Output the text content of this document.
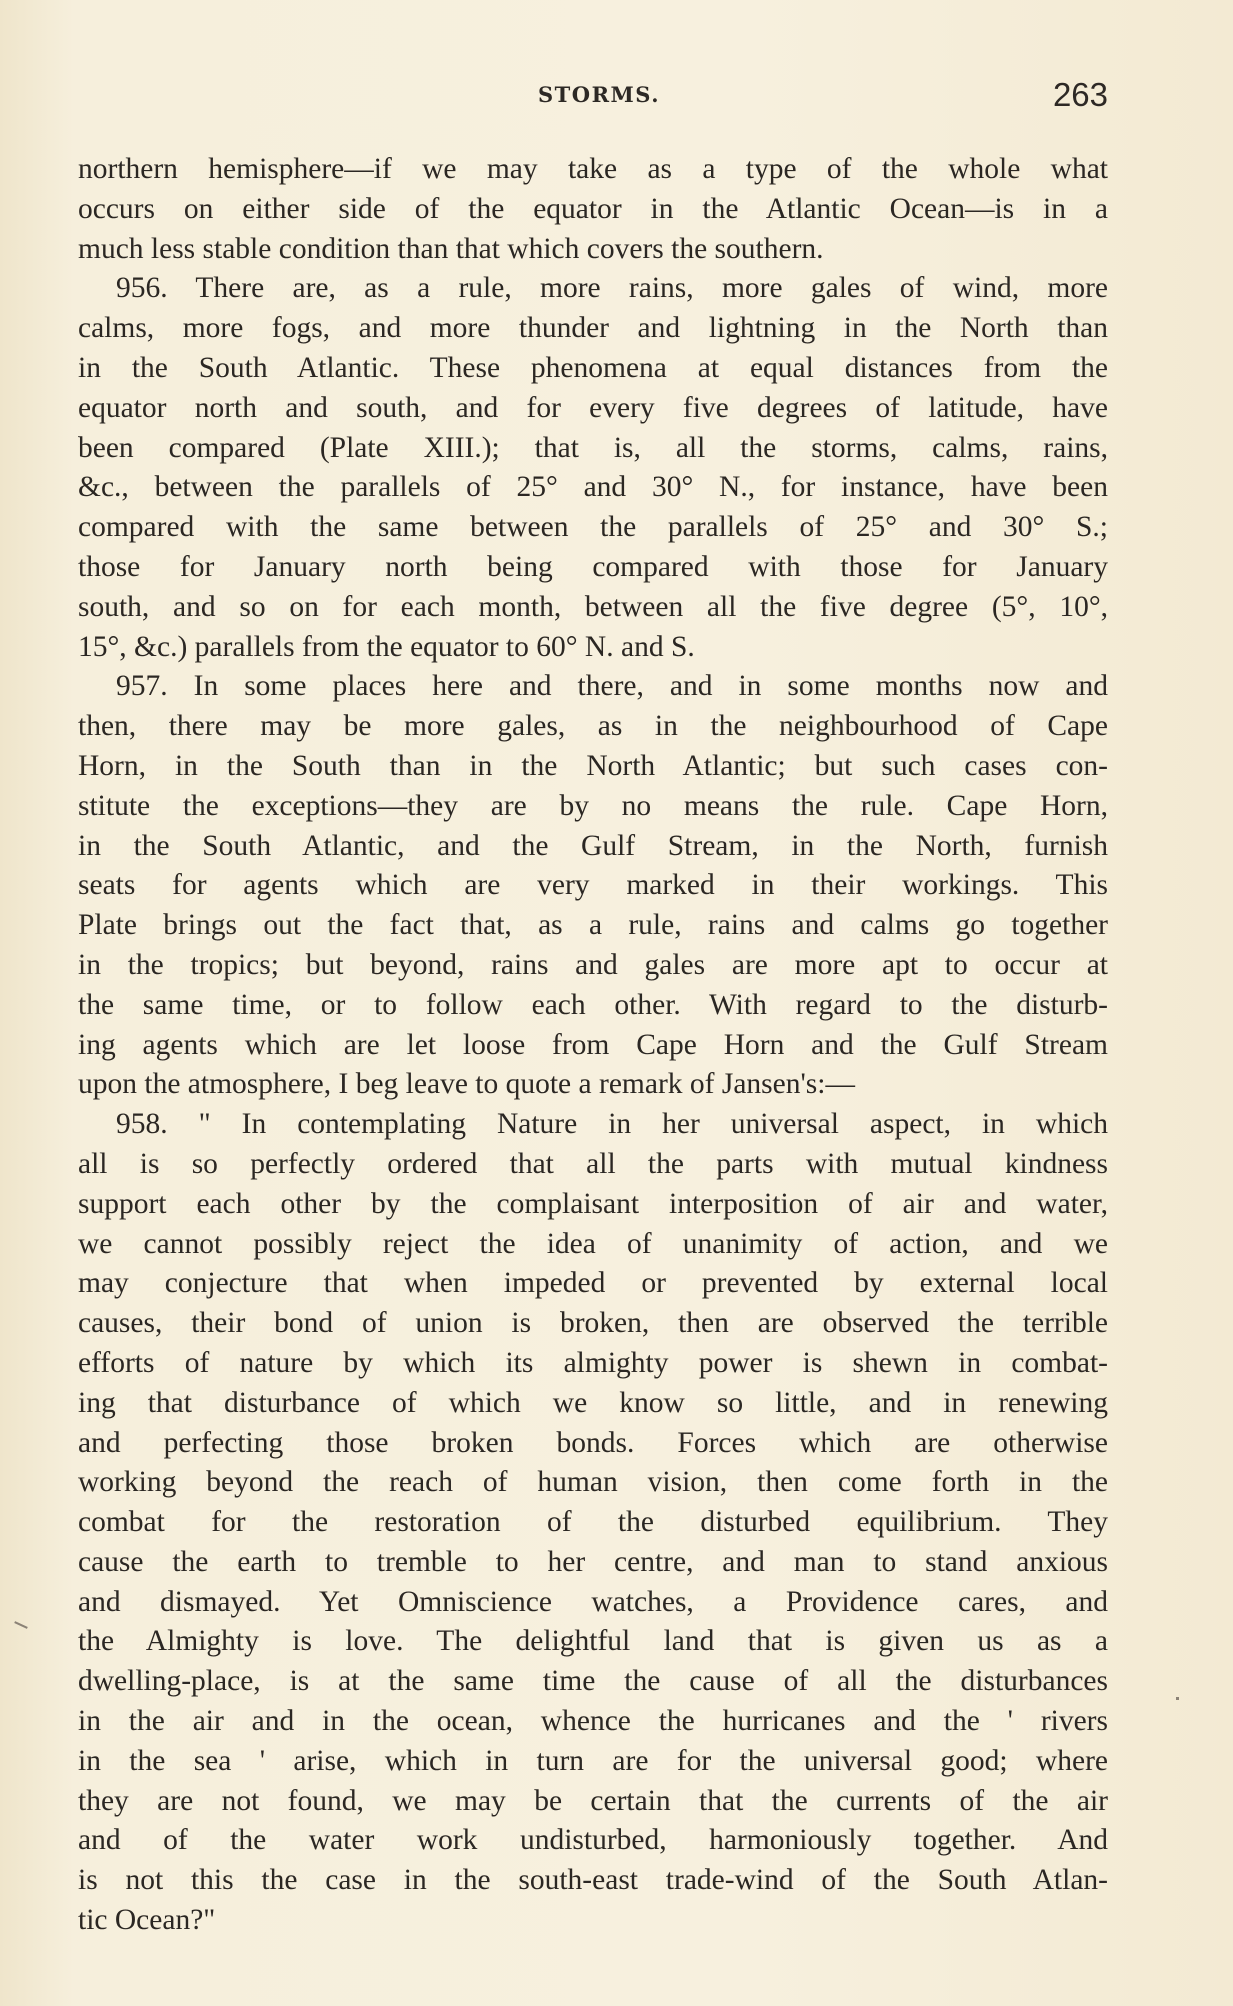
STORMS.	263
northern hemisphere—if we may take as a type of the whole what
occurs on either side of the equator in the Atlantic Ocean—is in a
much less stable condition than that which covers the southern.
956. There are, as a rule, more rains, more gales of wind, more
calms, more fogs, and more thunder and lightning in the North than
in the South Atlantic. These phenomena at equal distances from the
equator north and south, and for every five degrees of latitude, have
been compared (Plate XIII.); that is, all the storms, calms, rains,
&c., between the parallels of 25° and 30° N., for instance, have been
compared with the same between the parallels of 25° and 30° S.;
those for January north being compared with those for January
south, and so on for each month, between all the five degree (5°, 10°,
15°, &c.) parallels from the equator to 60° N. and S.
957. In some places here and there, and in some months now and
then, there may be more gales, as in the neighbourhood of Cape
Horn, in the South than in the North Atlantic; but such cases con-
stitute the exceptions—they are by no means the rule. Cape Horn,
in the South Atlantic, and the Gulf Stream, in the North, furnish
seats for agents which are very marked in their workings. This
Plate brings out the fact that, as a rule, rains and calms go together
in the tropics; but beyond, rains and gales are more apt to occur at
the same time, or to follow each other. With regard to the disturb-
ing agents which are let loose from Cape Horn and the Gulf Stream
upon the atmosphere, I beg leave to quote a remark of Jansen's:—
958. " In contemplating Nature in her universal aspect, in which
all is so perfectly ordered that all the parts with mutual kindness
support each other by the complaisant interposition of air and water,
we cannot possibly reject the idea of unanimity of action, and we
may conjecture that when impeded or prevented by external local
causes, their bond of union is broken, then are observed the terrible
efforts of nature by which its almighty power is shewn in combat-
ing that disturbance of which we know so little, and in renewing
and perfecting those broken bonds. Forces which are otherwise
working beyond the reach of human vision, then come forth in the
combat for the restoration of the disturbed equilibrium. They
cause the earth to tremble to her centre, and man to stand anxious
and dismayed. Yet Omniscience watches, a Providence cares, and
the Almighty is love. The delightful land that is given us as a
dwelling-place, is at the same time the cause of all the disturbances
in the air and in the ocean, whence the hurricanes and the ' rivers
in the sea ' arise, which in turn are for the universal good; where
they are not found, we may be certain that the currents of the air
and of the water work undisturbed, harmoniously together. And
is not this the case in the south-east trade-wind of the South Atlan-
tic Ocean?"
